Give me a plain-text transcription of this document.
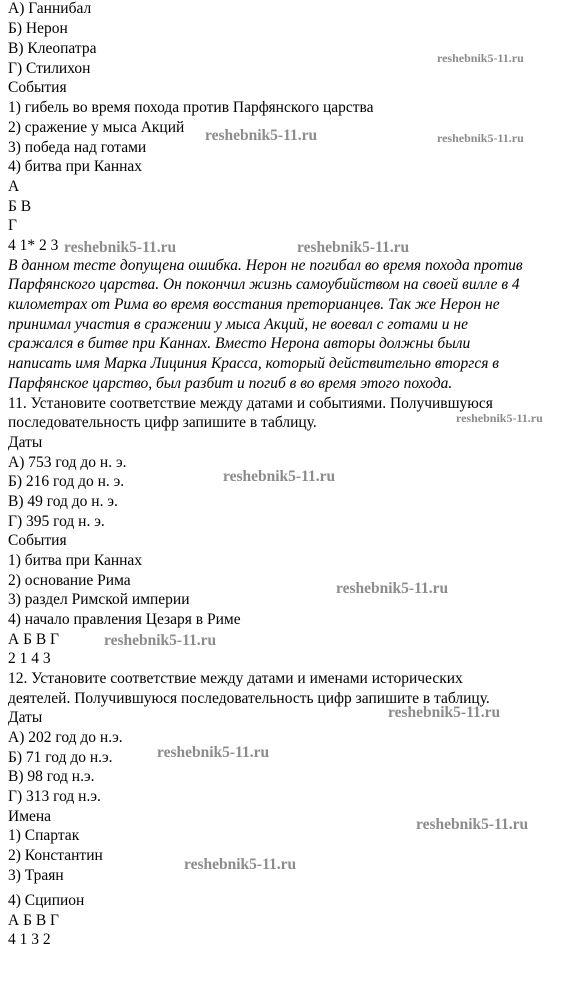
А) Ганнибал
Б) Нерон
В) Клеопатра
Г) Стилихон
События
1) гибель во время похода против Парфянского царства
2) сражение у мыса Акций
3) победа над готами
4) битва при Каннах
А
Б В
Г
4 1* 2 3
В данном тесте допущена ошибка. Нерон не погибал во время похода против
Парфянского царства. Он покончил жизнь самоубийством на своей вилле в 4
километрах от Рима во время восстания преторианцев. Так же Нерон не
принимал участия в сражении у мыса Акций, не воевал с готами и не
сражался в битве при Каннах. Вместо Нерона авторы должны были
написать имя Марка Лициния Красса, который действительно вторгся в
Парфянское царство, был разбит и погиб в во время этого похода.
11. Установите соответствие между датами и событиями. Получившуюся
последовательность цифр запишите в таблицу.
Даты
А) 753 год до н. э.
Б) 216 год до н. э.
В) 49 год до н. э.
Г) 395 год н. э.
События
1) битва при Каннах
2) основание Рима
3) раздел Римской империи
4) начало правления Цезаря в Риме
А Б В Г
2 1 4 3
12. Установите соответствие между датами и именами исторических
деятелей. Получившуюся последовательность цифр запишите в таблицу.
Даты
А) 202 год до н.э.
Б) 71 год до н.э.
В) 98 год н.э.
Г) 313 год н.э.
Имена
1) Спартак
2) Константин
3) Траян
4) Сципион
А Б В Г
4 1 3 2
reshebnik5-11.ru
reshebnik5-11.ru	reshebnik5-11.ru
reshebnik5-11.ru	reshebnik5-11.ru
reshebnik5-11.ru
reshebnik5-11.ru
reshebnik5-11.ru
reshebnik5-11.ru
reshebnik5-11.ru
reshebnik5-11.ru
reshebnik5-11.ru
reshebnik5-11.ru
